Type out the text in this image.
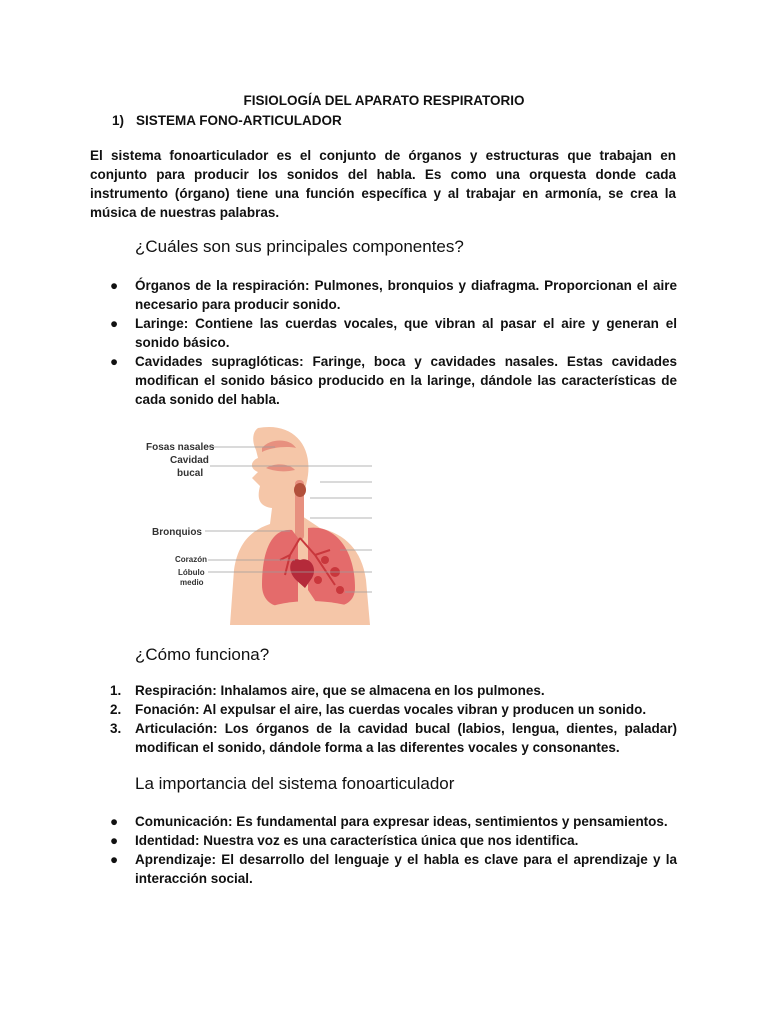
FISIOLOGÍA DEL APARATO RESPIRATORIO
1) SISTEMA FONO-ARTICULADOR

El sistema fonoarticulador es el conjunto de órganos y estructuras que trabajan en conjunto para producir los sonidos del habla. Es como una orquesta donde cada instrumento (órgano) tiene una función específica y al trabajar en armonía, se crea la música de nuestras palabras.

¿Cuáles son sus principales componentes?
● Órganos de la respiración: Pulmones, bronquios y diafragma. Proporcionan el aire necesario para producir sonido.
● Laringe: Contiene las cuerdas vocales, que vibran al pasar el aire y generan el sonido básico.
● Cavidades supraglóticas: Faringe, boca y cavidades nasales. Estas cavidades modifican el sonido básico producido en la laringe, dándole las características de cada sonido del habla.
Fosas nasales
Cavidad
bucal
Bronquios
Corazón
Lóbulo
medio
¿Cómo funciona?
1. Respiración: Inhalamos aire, que se almacena en los pulmones.
2. Fonación: Al expulsar el aire, las cuerdas vocales vibran y producen un sonido.
3. Articulación: Los órganos de la cavidad bucal (labios, lengua, dientes, paladar) modifican el sonido, dándole forma a las diferentes vocales y consonantes.
La importancia del sistema fonoarticulador
● Comunicación: Es fundamental para expresar ideas, sentimientos y pensamientos.
● Identidad: Nuestra voz es una característica única que nos identifica.
● Aprendizaje: El desarrollo del lenguaje y el habla es clave para el aprendizaje y la interacción social.
